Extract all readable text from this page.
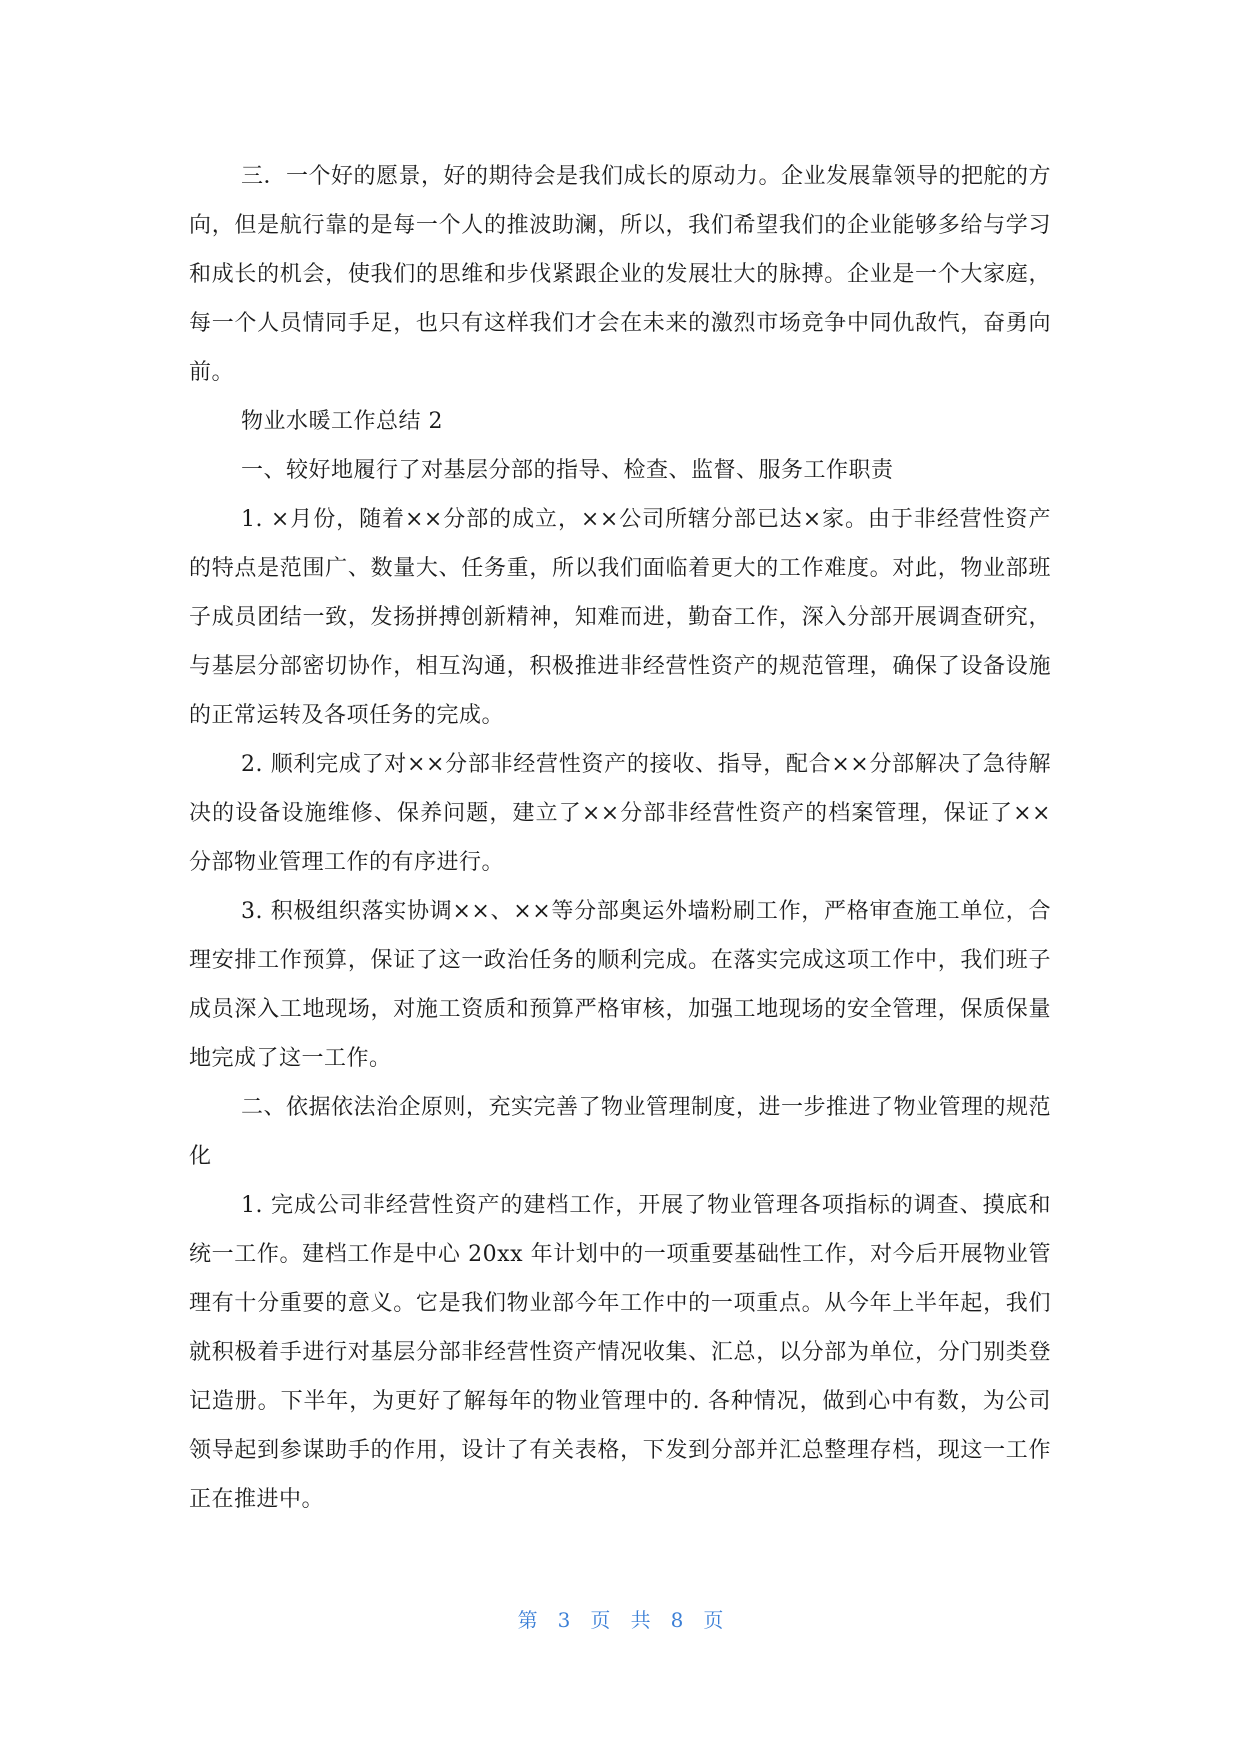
三．一个好的愿景，好的期待会是我们成长的原动力。企业发展靠领导的把舵的方向，但是航行靠的是每一个人的推波助澜，所以，我们希望我们的企业能够多给与学习和成长的机会，使我们的思维和步伐紧跟企业的发展壮大的脉搏。企业是一个大家庭，每一个人员情同手足，也只有这样我们才会在未来的激烈市场竞争中同仇敌忾，奋勇向前。

物业水暖工作总结 2

一、较好地履行了对基层分部的指导、检查、监督、服务工作职责

1. ×月份，随着××分部的成立，××公司所辖分部已达×家。由于非经营性资产的特点是范围广、数量大、任务重，所以我们面临着更大的工作难度。对此，物业部班子成员团结一致，发扬拼搏创新精神，知难而进，勤奋工作，深入分部开展调查研究，与基层分部密切协作，相互沟通，积极推进非经营性资产的规范管理，确保了设备设施的正常运转及各项任务的完成。

2. 顺利完成了对××分部非经营性资产的接收、指导，配合××分部解决了急待解决的设备设施维修、保养问题，建立了××分部非经营性资产的档案管理，保证了××分部物业管理工作的有序进行。

3. 积极组织落实协调××、××等分部奥运外墙粉刷工作，严格审查施工单位，合理安排工作预算，保证了这一政治任务的顺利完成。在落实完成这项工作中，我们班子成员深入工地现场，对施工资质和预算严格审核，加强工地现场的安全管理，保质保量地完成了这一工作。

二、依据依法治企原则，充实完善了物业管理制度，进一步推进了物业管理的规范化

1. 完成公司非经营性资产的建档工作，开展了物业管理各项指标的调查、摸底和统一工作。建档工作是中心 20xx 年计划中的一项重要基础性工作，对今后开展物业管理有十分重要的意义。它是我们物业部今年工作中的一项重点。从今年上半年起，我们就积极着手进行对基层分部非经营性资产情况收集、汇总，以分部为单位，分门别类登记造册。下半年，为更好了解每年的物业管理中的. 各种情况，做到心中有数，为公司领导起到参谋助手的作用，设计了有关表格，下发到分部并汇总整理存档，现这一工作正在推进中。

第 3 页 共 8 页
